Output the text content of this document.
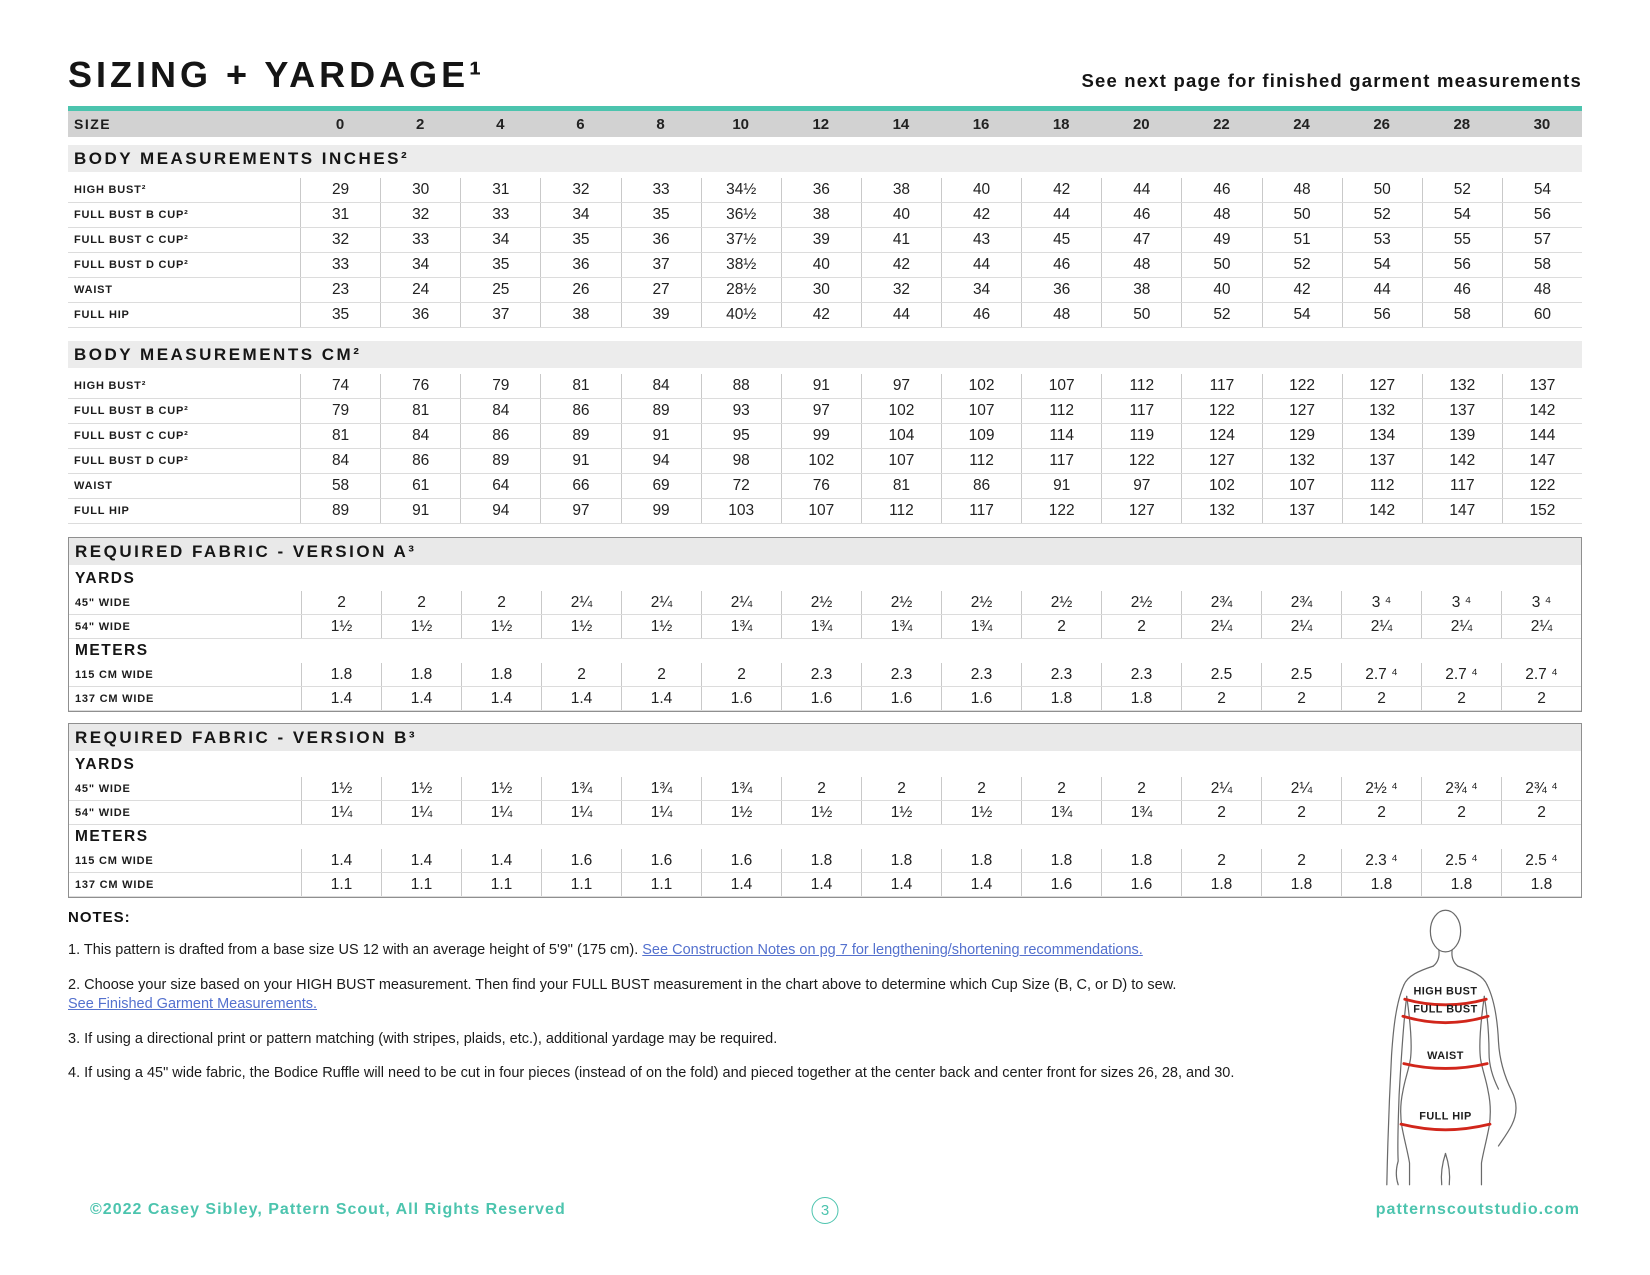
SIZING + YARDAGE¹	See next page for finished garment measurements
SIZE	0	2	4	6	8	10	12	14	16	18	20	22	24	26	28	30
BODY MEASUREMENTS INCHES²
HIGH BUST²	29	30	31	32	33	34½	36	38	40	42	44	46	48	50	52	54
FULL BUST B CUP²	31	32	33	34	35	36½	38	40	42	44	46	48	50	52	54	56
FULL BUST C CUP²	32	33	34	35	36	37½	39	41	43	45	47	49	51	53	55	57
FULL BUST D CUP²	33	34	35	36	37	38½	40	42	44	46	48	50	52	54	56	58
WAIST	23	24	25	26	27	28½	30	32	34	36	38	40	42	44	46	48
FULL HIP	35	36	37	38	39	40½	42	44	46	48	50	52	54	56	58	60
BODY MEASUREMENTS CM²
HIGH BUST²	74	76	79	81	84	88	91	97	102	107	112	117	122	127	132	137
FULL BUST B CUP²	79	81	84	86	89	93	97	102	107	112	117	122	127	132	137	142
FULL BUST C CUP²	81	84	86	89	91	95	99	104	109	114	119	124	129	134	139	144
FULL BUST D CUP²	84	86	89	91	94	98	102	107	112	117	122	127	132	137	142	147
WAIST	58	61	64	66	69	72	76	81	86	91	97	102	107	112	117	122
FULL HIP	89	91	94	97	99	103	107	112	117	122	127	132	137	142	147	152
REQUIRED FABRIC - VERSION A³
YARDS
45" WIDE	2	2	2	2¼	2¼	2¼	2½	2½	2½	2½	2½	2¾	2¾	3 ⁴	3 ⁴	3 ⁴
54" WIDE	1½	1½	1½	1½	1½	1¾	1¾	1¾	1¾	2	2	2¼	2¼	2¼	2¼	2¼
METERS
115 CM WIDE	1.8	1.8	1.8	2	2	2	2.3	2.3	2.3	2.3	2.3	2.5	2.5	2.7 ⁴	2.7 ⁴	2.7 ⁴
137 CM WIDE	1.4	1.4	1.4	1.4	1.4	1.6	1.6	1.6	1.6	1.8	1.8	2	2	2	2	2
REQUIRED FABRIC - VERSION B³
YARDS
45" WIDE	1½	1½	1½	1¾	1¾	1¾	2	2	2	2	2	2¼	2¼	2½ ⁴	2¾ ⁴	2¾ ⁴
54" WIDE	1¼	1¼	1¼	1¼	1¼	1½	1½	1½	1½	1¾	1¾	2	2	2	2	2
METERS
115 CM WIDE	1.4	1.4	1.4	1.6	1.6	1.6	1.8	1.8	1.8	1.8	1.8	2	2	2.3 ⁴	2.5 ⁴	2.5 ⁴
137 CM WIDE	1.1	1.1	1.1	1.1	1.1	1.4	1.4	1.4	1.4	1.6	1.6	1.8	1.8	1.8	1.8	1.8
NOTES:

1. This pattern is drafted from a base size US 12 with an average height of 5'9" (175 cm). See Construction Notes on pg 7 for lengthening/shortening recommendations.

2. Choose your size based on your HIGH BUST measurement. Then find your FULL BUST measurement in the chart above to determine which Cup Size (B, C, or D) to sew.
See Finished Garment Measurements.

3. If using a directional print or pattern matching (with stripes, plaids, etc.), additional yardage may be required.

4. If using a 45" wide fabric, the Bodice Ruffle will need to be cut in four pieces (instead of on the fold) and pieced together at the center back and center front for sizes 26, 28, and 30.

HIGH BUST
FULL BUST
WAIST
FULL HIP
©2022 Casey Sibley, Pattern Scout, All Rights Reserved	3	patternscoutstudio.com
